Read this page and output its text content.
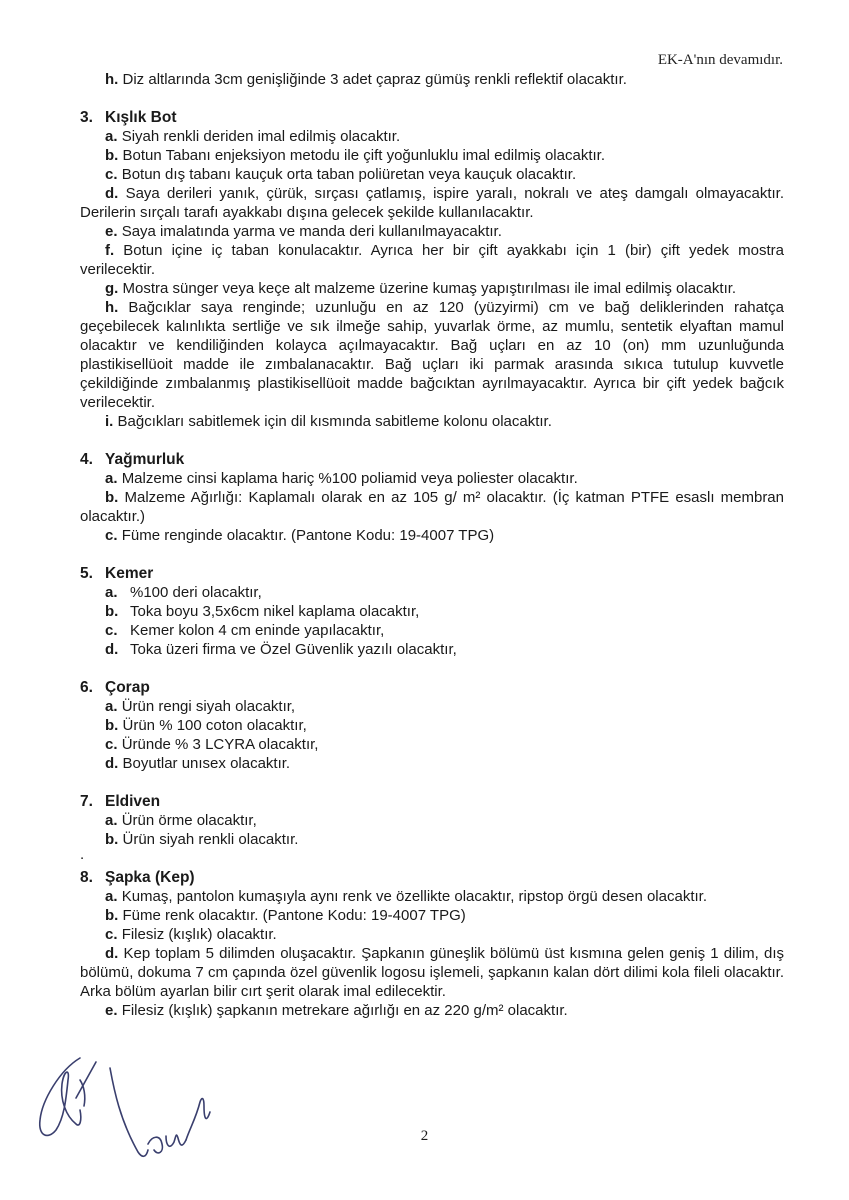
EK-A'nın devamıdır.

h. Diz altlarında 3cm genişliğinde 3 adet çapraz gümüş renkli reflektif olacaktır.

3. Kışlık Bot

a. Siyah renkli deriden imal edilmiş olacaktır.

b. Botun Tabanı enjeksiyon metodu ile çift yoğunluklu imal edilmiş olacaktır.

c. Botun dış tabanı kauçuk orta taban poliüretan veya kauçuk olacaktır.

d. Saya derileri yanık, çürük, sırçası çatlamış, ispire yaralı, nokralı ve ateş damgalı olmayacaktır. Derilerin sırçalı tarafı ayakkabı dışına gelecek şekilde kullanılacaktır.

e. Saya imalatında yarma ve manda deri kullanılmayacaktır.

f. Botun içine iç taban konulacaktır. Ayrıca her bir çift ayakkabı için 1 (bir) çift yedek mostra verilecektir.

g. Mostra sünger veya keçe alt malzeme üzerine kumaş yapıştırılması ile imal edilmiş olacaktır.

h. Bağcıklar saya renginde; uzunluğu en az 120 (yüzyirmi) cm ve bağ deliklerinden rahatça geçebilecek kalınlıkta sertliğe ve sık ilmeğe sahip, yuvarlak örme, az mumlu, sentetik elyaftan mamul olacaktır ve kendiliğinden kolayca açılmayacaktır. Bağ uçları en az 10 (on) mm uzunluğunda plastikisellüoit madde ile zımbalanacaktır. Bağ uçları iki parmak arasında sıkıca tutulup kuvvetle çekildiğinde zımbalanmış plastikisellüoit madde bağcıktan ayrılmayacaktır. Ayrıca bir çift yedek bağcık verilecektir.

i. Bağcıkları sabitlemek için dil kısmında sabitleme kolonu olacaktır.

4. Yağmurluk

a. Malzeme cinsi kaplama hariç %100 poliamid veya poliester olacaktır.

b. Malzeme Ağırlığı: Kaplamalı olarak en az 105 g/ m² olacaktır. (İç katman PTFE esaslı membran olacaktır.)

c. Füme renginde olacaktır. (Pantone Kodu: 19-4007 TPG)

5. Kemer
a. %100 deri olacaktır,
b. Toka boyu 3,5x6cm nikel kaplama olacaktır,
c. Kemer kolon 4 cm eninde yapılacaktır,
d. Toka üzeri firma ve Özel Güvenlik yazılı olacaktır,
6. Çorap

a. Ürün rengi siyah olacaktır,

b. Ürün % 100 coton olacaktır,

c. Üründe % 3 LCYRA olacaktır,

d. Boyutlar unısex olacaktır.

7. Eldiven

a. Ürün örme olacaktır,

b. Ürün siyah renkli olacaktır.

.
8. Şapka (Kep)

a. Kumaş, pantolon kumaşıyla aynı renk ve özellikte olacaktır, ripstop örgü desen olacaktır.

b. Füme renk olacaktır. (Pantone Kodu: 19-4007 TPG)

c. Filesiz (kışlık) olacaktır.

d. Kep toplam 5 dilimden oluşacaktır. Şapkanın güneşlik bölümü üst kısmına gelen geniş 1 dilim, dış bölümü, dokuma 7 cm çapında özel güvenlik logosu işlemeli, şapkanın kalan dört dilimi kola fileli olacaktır. Arka bölüm ayarlan bilir cırt şerit olarak imal edilecektir.

e. Filesiz (kışlık) şapkanın metrekare ağırlığı en az 220 g/m² olacaktır.

2
